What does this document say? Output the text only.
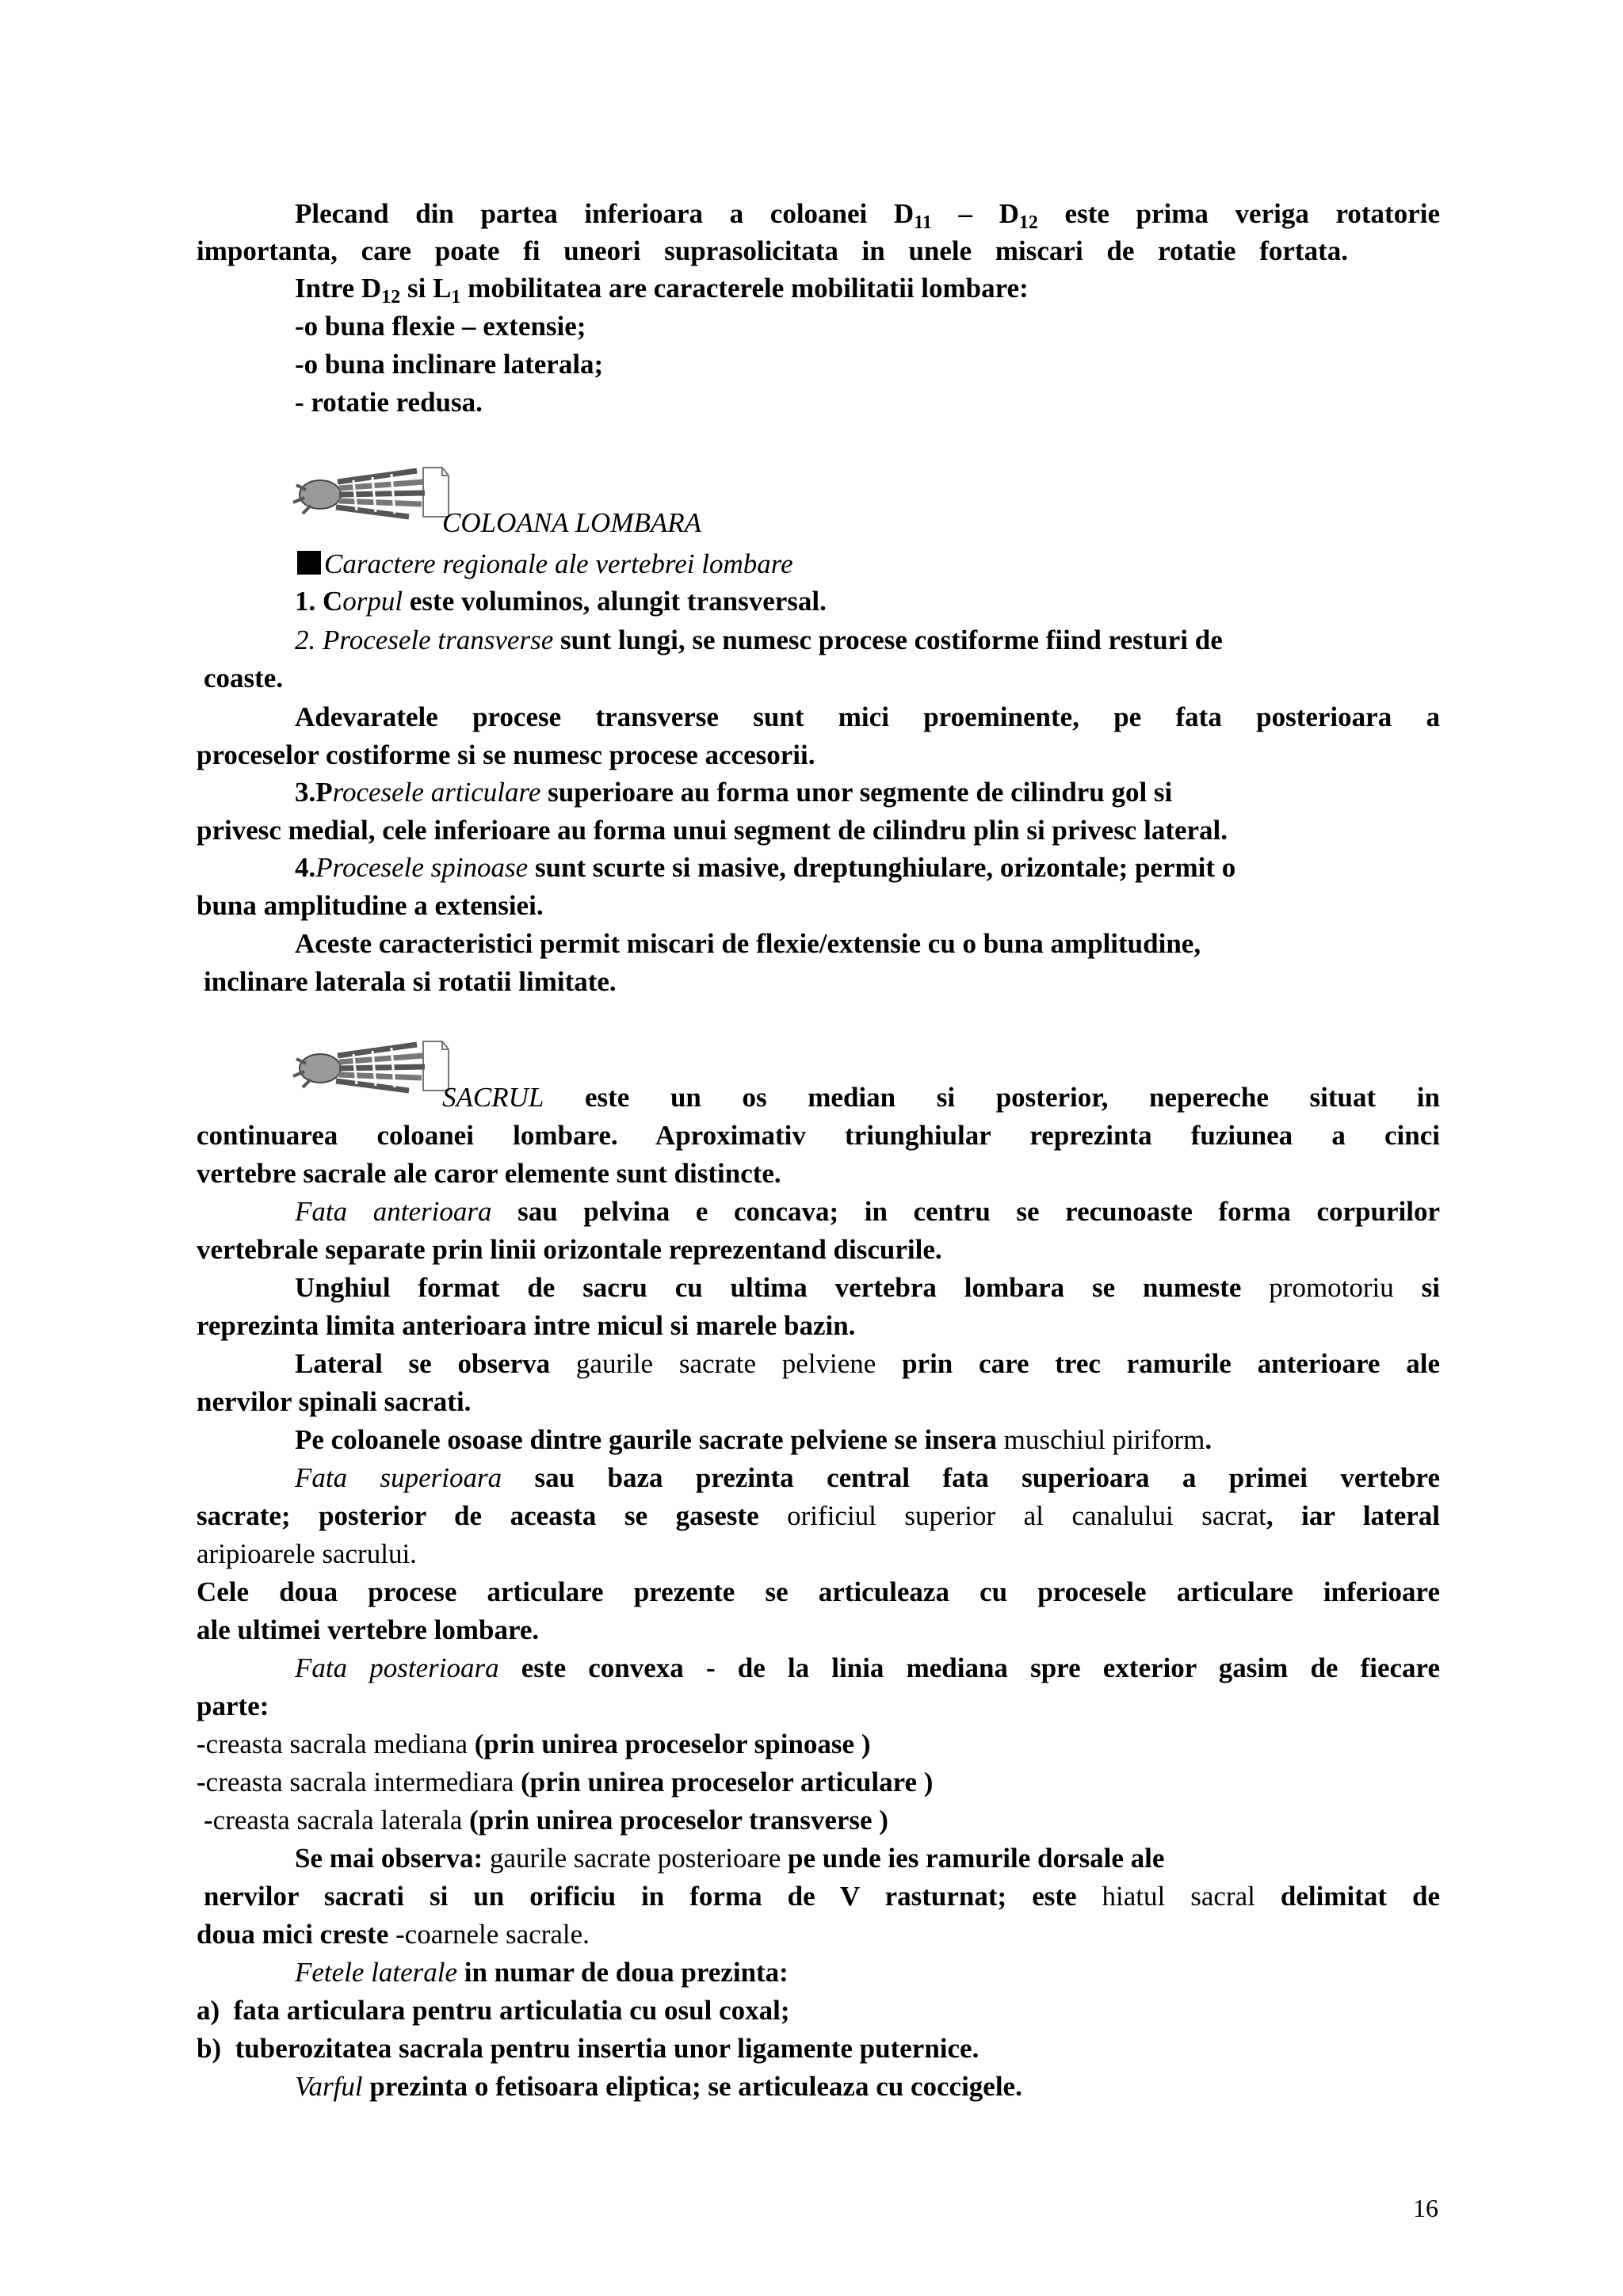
Plecand din partea inferioara a coloanei $D_{11} - D_{12}$ este prima veriga rotatorie
importanta, care poate fi uneori suprasolicitata in unele miscari de rotatie fortata.
Intre $D_{12}$ si $L_1$ mobilitatea are caracterele mobilitatii lombare:
-o buna flexie – extensie;
-o buna inclinare laterala;
- rotatie redusa.
COLOANA LOMBARA
Caractere regionale ale vertebrei lombare
1. Corpul este voluminos, alungit transversal.
2. Procesele transverse sunt lungi, se numesc procese costiforme fiind resturi de
coaste.
Adevaratele procese transverse sunt mici proeminente, pe fata posterioara a
proceselor costiforme si se numesc procese accesorii.
3.Procesele articulare superioare au forma unor segmente de cilindru gol si
privesc medial, cele inferioare au forma unui segment de cilindru plin si privesc lateral.
4.Procesele spinoase sunt scurte si masive, dreptunghiulare, orizontale; permit o
buna amplitudine a extensiei.
Aceste caracteristici permit miscari de flexie/extensie cu o buna amplitudine,
inclinare laterala si rotatii limitate.
SACRUL este un os median si posterior, nepereche situat in
continuarea coloanei lombare. Aproximativ triunghiular reprezinta fuziunea a cinci
vertebre sacrale ale caror elemente sunt distincte.
Fata anterioara sau pelvina e concava; in centru se recunoaste forma corpurilor
vertebrale separate prin linii orizontale reprezentand discurile.
Unghiul format de sacru cu ultima vertebra lombara se numeste promotoriu si
reprezinta limita anterioara intre micul si marele bazin.
Lateral se observa gaurile sacrate pelviene prin care trec ramurile anterioare ale
nervilor spinali sacrati.
Pe coloanele osoase dintre gaurile sacrate pelviene se insera muschiul piriform.
Fata superioara sau baza prezinta central fata superioara a primei vertebre
sacrate; posterior de aceasta se gaseste orificiul superior al canalului sacrat, iar lateral
aripioarele sacrului.
Cele doua procese articulare prezente se articuleaza cu procesele articulare inferioare
ale ultimei vertebre lombare.
Fata posterioara este convexa - de la linia mediana spre exterior gasim de fiecare
parte:
-creasta sacrala mediana (prin unirea proceselor spinoase )
-creasta sacrala intermediara (prin unirea proceselor articulare )
-creasta sacrala laterala (prin unirea proceselor transverse )
Se mai observa: gaurile sacrate posterioare pe unde ies ramurile dorsale ale
nervilor sacrati si un orificiu in forma de V rasturnat; este hiatul sacral delimitat de
doua mici creste -coarnele sacrale.
Fetele laterale in numar de doua prezinta:
a)  fata articulara pentru articulatia cu osul coxal;
b)  tuberozitatea sacrala pentru insertia unor ligamente puternice.
Varful prezinta o fetisoara eliptica; se articuleaza cu coccigele.
16
